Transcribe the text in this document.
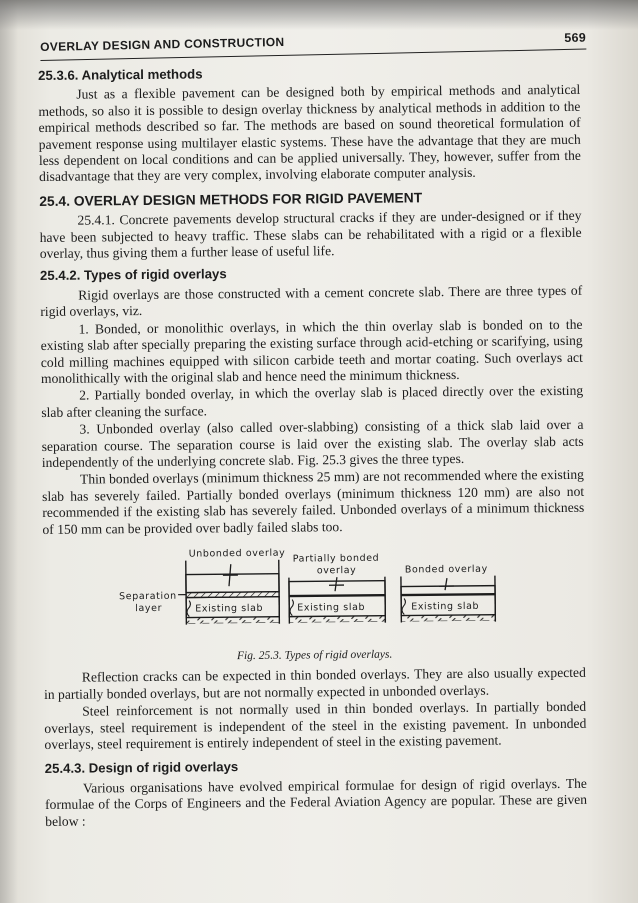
OVERLAY DESIGN AND CONSTRUCTION	569
25.3.6. Analytical methods

Just as a flexible pavement can be designed both by empirical methods and analytical methods, so also it is possible to design overlay thickness by analytical methods in addition to the empirical methods described so far. The methods are based on sound theoretical formulation of pavement response using multilayer elastic systems. These have the advantage that they are much less dependent on local conditions and can be applied universally. They, however, suffer from the disadvantage that they are very complex, involving elaborate computer analysis.

25.4. OVERLAY DESIGN METHODS FOR RIGID PAVEMENT

25.4.1. Concrete pavements develop structural cracks if they are under-designed or if they have been subjected to heavy traffic. These slabs can be rehabilitated with a rigid or a flexible overlay, thus giving them a further lease of useful life.

25.4.2. Types of rigid overlays

Rigid overlays are those constructed with a cement concrete slab. There are three types of rigid overlays, viz.

1. Bonded, or monolithic overlays, in which the thin overlay slab is bonded on to the existing slab after specially preparing the existing surface through acid-etching or scarifying, using cold milling machines equipped with silicon carbide teeth and mortar coating. Such overlays act monolithically with the original slab and hence need the minimum thickness.

2. Partially bonded overlay, in which the overlay slab is placed directly over the existing slab after cleaning the surface.

3. Unbonded overlay (also called over-slabbing) consisting of a thick slab laid over a separation course. The separation course is laid over the existing slab. The overlay slab acts independently of the underlying concrete slab. Fig. 25.3 gives the three types.

Thin bonded overlays (minimum thickness 25 mm) are not recommended where the existing slab has severely failed. Partially bonded overlays (minimum thickness 120 mm) are also not recommended if the existing slab has severely failed. Unbonded overlays of a minimum thickness of 150 mm can be provided over badly failed slabs too.

Unbonded overlay Partially bonded
overlay	Bonded overlay
Separation
layer	Existing slab	Existing slab	Existing slab

Fig. 25.3. Types of rigid overlays.

Reflection cracks can be expected in thin bonded overlays. They are also usually expected in partially bonded overlays, but are not normally expected in unbonded overlays.

Steel reinforcement is not normally used in thin bonded overlays. In partially bonded overlays, steel requirement is independent of the steel in the existing pavement. In unbonded overlays, steel requirement is entirely independent of steel in the existing pavement.

25.4.3. Design of rigid overlays

Various organisations have evolved empirical formulae for design of rigid overlays. The formulae of the Corps of Engineers and the Federal Aviation Agency are popular. These are given below :
